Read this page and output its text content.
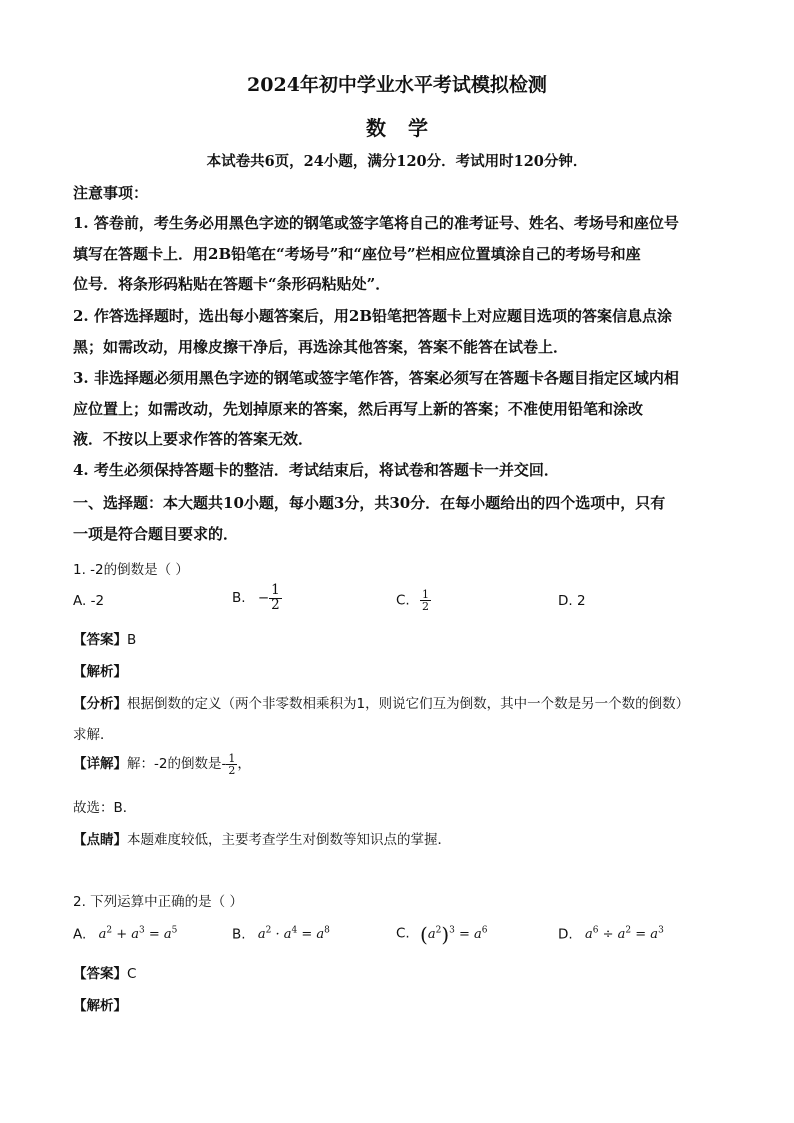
2024年初中学业水平考试模拟检测
数学
本试卷共6页，24小题，满分120分．考试用时120分钟．
注意事项：
1. 答卷前，考生务必用黑色字迹的钢笔或签字笔将自己的准考证号、姓名、考场号和座位号
填写在答题卡上．用2B铅笔在“考场号”和“座位号”栏相应位置填涂自己的考场号和座
位号．将条形码粘贴在答题卡“条形码粘贴处”．
2. 作答选择题时，选出每小题答案后，用2B铅笔把答题卡上对应题目选项的答案信息点涂
黑；如需改动，用橡皮擦干净后，再选涂其他答案，答案不能答在试卷上．
3. 非选择题必须用黑色字迹的钢笔或签字笔作答，答案必须写在答题卡各题目指定区域内相
应位置上；如需改动，先划掉原来的答案，然后再写上新的答案；不准使用铅笔和涂改
液．不按以上要求作答的答案无效．
4. 考生必须保持答题卡的整洁．考试结束后，将试卷和答题卡一并交回．
一、选择题：本大题共10小题，每小题3分，共30分．在每小题给出的四个选项中，只有
一项是符合题目要求的．
1. -2的倒数是（ ）
A. -2	B. − $\frac{1}{2}$	C. $\frac{1}{2}$	D. 2
【答案】B
【解析】
【分析】根据倒数的定义（两个非零数相乘积为1，则说它们互为倒数，其中一个数是另一个数的倒数）
求解．
【详解】解：-2的倒数是- $\frac{1}{2}$ ，
故选：B．
【点睛】本题难度较低，主要考查学生对倒数等知识点的掌握．
2. 下列运算中正确的是（ ）
A. $a^2 + a^3 = a^5$	B. $a^2 \cdot a^4 = a^8$	C. $(a^2)^3 = a^6$	D. $a^6 \div a^2 = a^3$
【答案】C
【解析】
